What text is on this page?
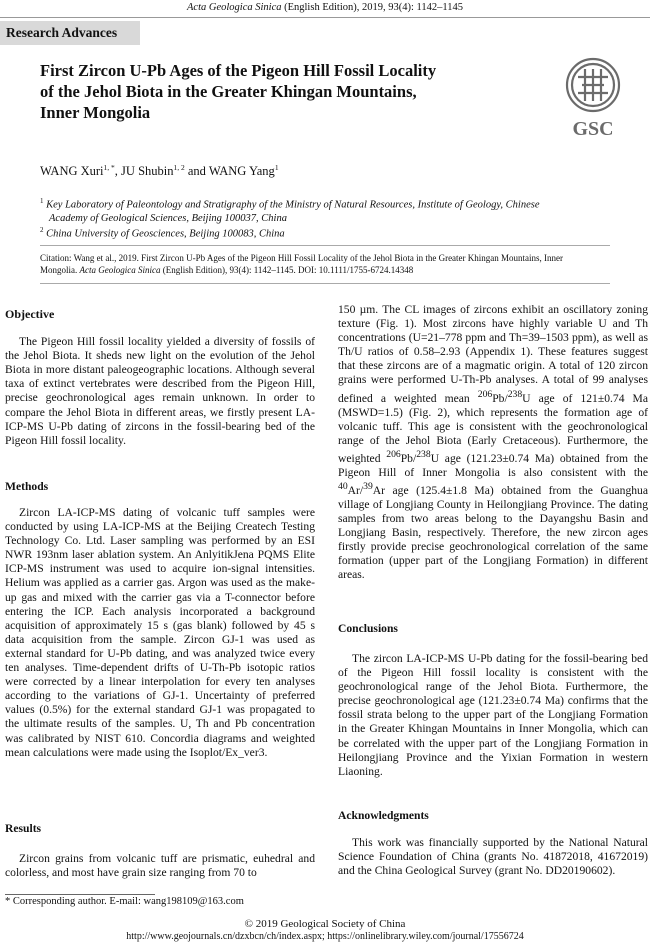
Acta Geologica Sinica (English Edition), 2019, 93(4): 1142–1145
Research Advances
First Zircon U-Pb Ages of the Pigeon Hill Fossil Locality
of the Jehol Biota in the Greater Khingan Mountains,
Inner Mongolia
GSC
WANG Xuri$^{1, *}$, JU Shubin$^{1, 2}$ and WANG Yang$^1$
$^1$ Key Laboratory of Paleontology and Stratigraphy of the Ministry of Natural Resources, Institute of Geology, Chinese
Academy of Geological Sciences, Beijing 100037, China
$^2$ China University of Geosciences, Beijing 100083, China
Citation: Wang et al., 2019. First Zircon U-Pb Ages of the Pigeon Hill Fossil Locality of the Jehol Biota in the Greater Khingan Mountains, Inner
Mongolia. Acta Geologica Sinica (English Edition), 93(4): 1142–1145. DOI: 10.1111/1755-6724.14348
Objective

The Pigeon Hill fossil locality yielded a diversity of fossils of the Jehol Biota. It sheds new light on the evolution of the Jehol Biota in more distant paleogeographic locations. Although several taxa of extinct vertebrates were described from the Pigeon Hill, precise geochronological ages remain unknown. In order to compare the Jehol Biota in different areas, we firstly present LA-ICP-MS U-Pb dating of zircons in the fossil-bearing bed of the Pigeon Hill fossil locality.

Methods

Zircon LA-ICP-MS dating of volcanic tuff samples were conducted by using LA-ICP-MS at the Beijing Createch Testing Technology Co. Ltd. Laser sampling was performed by an ESI NWR 193nm laser ablation system. An AnlyitikJena PQMS Elite ICP-MS instrument was used to acquire ion-signal intensities. Helium was applied as a carrier gas. Argon was used as the make-up gas and mixed with the carrier gas via a T-connector before entering the ICP. Each analysis incorporated a background acquisition of approximately 15 s (gas blank) followed by 45 s data acquisition from the sample. Zircon GJ-1 was used as external standard for U-Pb dating, and was analyzed twice every ten analyses. Time-dependent drifts of U-Th-Pb isotopic ratios were corrected by a linear interpolation for every ten analyses according to the variations of GJ-1. Uncertainty of preferred values (0.5%) for the external standard GJ-1 was propagated to the ultimate results of the samples. U, Th and Pb concentration was calibrated by NIST 610. Concordia diagrams and weighted mean calculations were made using the Isoplot/Ex_ver3.

Results

Zircon grains from volcanic tuff are prismatic, euhedral and colorless, and most have grain size ranging from 70 to

150 µm. The CL images of zircons exhibit an oscillatory zoning texture (Fig. 1). Most zircons have highly variable U and Th concentrations (U=21–778 ppm and Th=39–1503 ppm), as well as Th/U ratios of 0.58–2.93 (Appendix 1). These features suggest that these zircons are of a magmatic origin. A total of 120 zircon grains were performed U-Th-Pb analyses. A total of 99 analyses defined a weighted mean $^{206}$Pb/$^{238}$U age of 121±0.74 Ma (MSWD=1.5) (Fig. 2), which represents the formation age of volcanic tuff. This age is consistent with the geochronological range of the Jehol Biota (Early Cretaceous). Furthermore, the weighted $^{206}$Pb/$^{238}$U age (121.23±0.74 Ma) obtained from the Pigeon Hill of Inner Mongolia is also consistent with the $^{40}$Ar/$^{39}$Ar age (125.4±1.8 Ma) obtained from the Guanghua village of Longjiang County in Heilongjiang Province. The dating samples from two areas belong to the Dayangshu Basin and Longjiang Basin, respectively. Therefore, the new zircon ages firstly provide precise geochronological correlation of the same formation (upper part of the Longjiang Formation) in different areas.

Conclusions

The zircon LA-ICP-MS U-Pb dating for the fossil-bearing bed of the Pigeon Hill fossil locality is consistent with the geochronological range of the Jehol Biota. Furthermore, the precise geochronological age (121.23±0.74 Ma) confirms that the fossil strata belong to the upper part of the Longjiang Formation in the Greater Khingan Mountains in Inner Mongolia, which can be correlated with the upper part of the Longjiang Formation in Heilongjiang Province and the Yixian Formation in western Liaoning.

Acknowledgments

This work was financially supported by the National Natural Science Foundation of China (grants No. 41872018, 41672019) and the China Geological Survey (grant No. DD20190602).

* Corresponding author. E-mail: wang198109@163.com
© 2019 Geological Society of China
http://www.geojournals.cn/dzxbcn/ch/index.aspx; https://onlinelibrary.wiley.com/journal/17556724
